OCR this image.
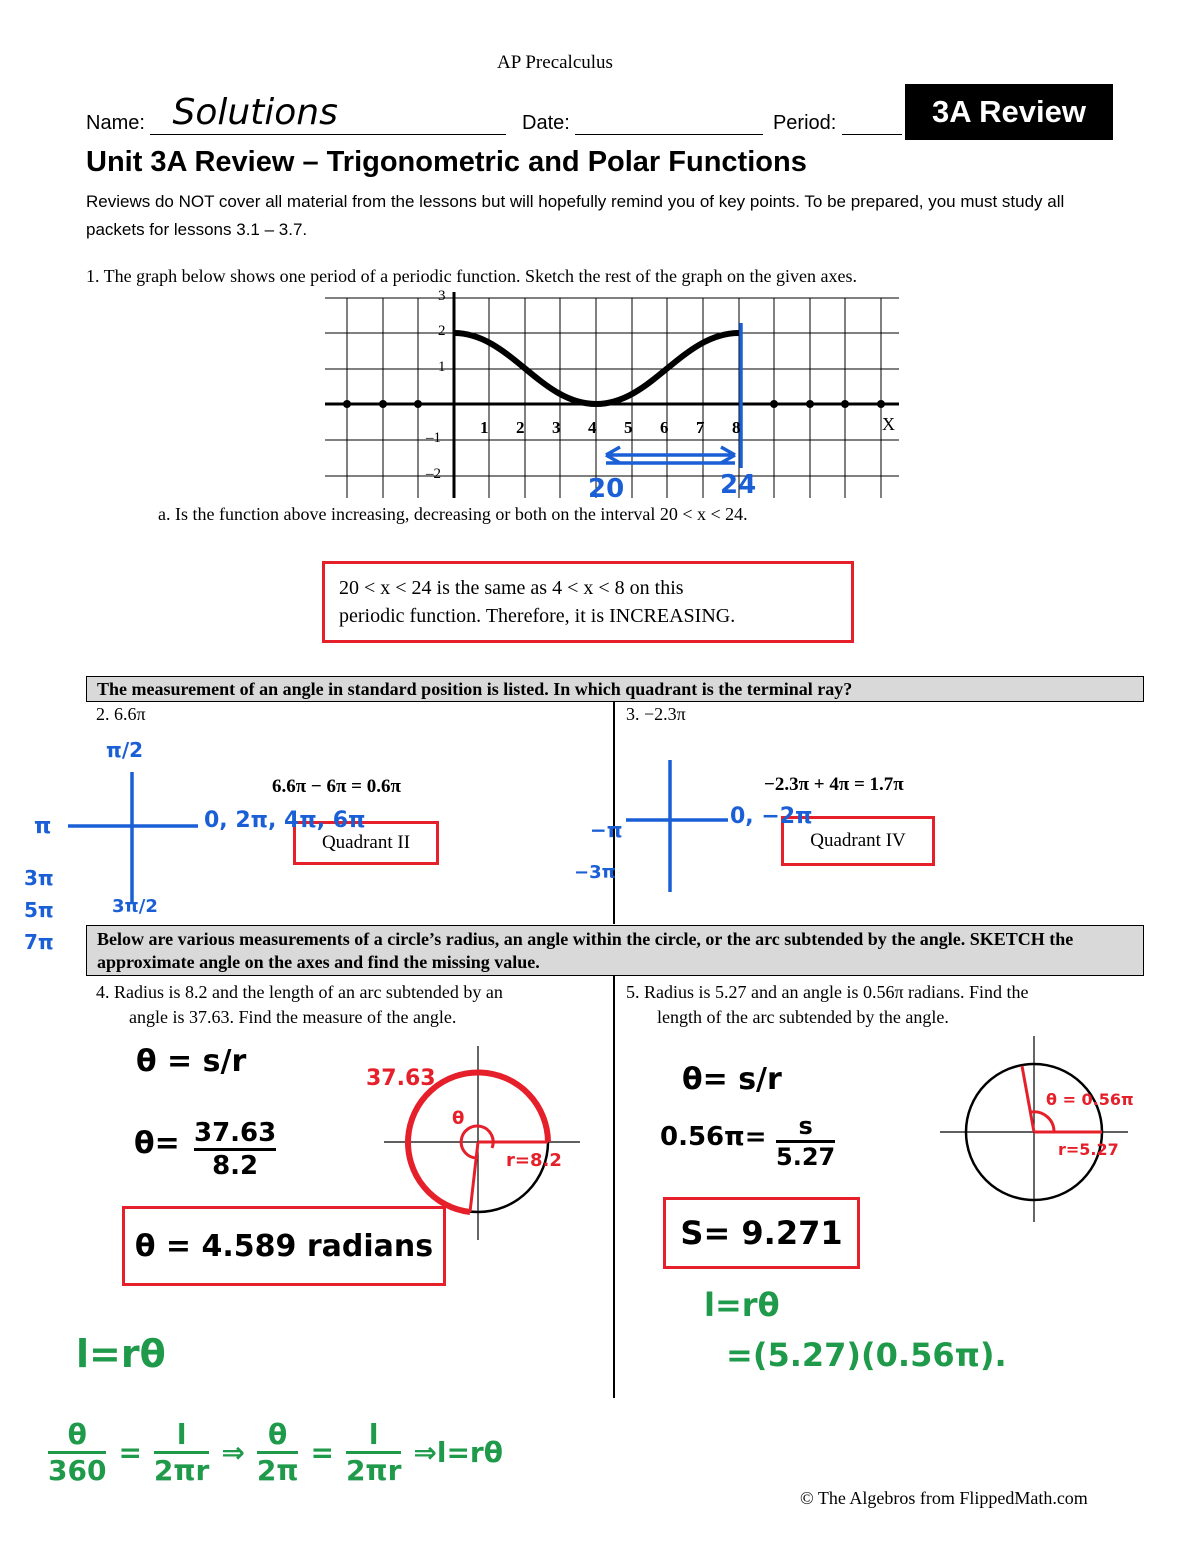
AP Precalculus
Name: Solutions	Date:	Period:	3A Review
Unit 3A Review – Trigonometric and Polar Functions
Reviews do NOT cover all material from the lessons but will hopefully remind you of key points. To be prepared, you must study all packets for lessons 3.1 – 3.7.
1. The graph below shows one period of a periodic function. Sketch the rest of the graph on the given axes.
1 2 3 4 5 6 7 8
3
2
1
–1
–2
X
20	24
a. Is the function above increasing, decreasing or both on the interval 20 < x < 24.
20 < x < 24 is the same as 4 < x < 8 on this
periodic function. Therefore, it is INCREASING.
The measurement of an angle in standard position is listed. In which quadrant is the terminal ray?
2. 6.6π
6.6π − 6π = 0.6π
Quadrant II
π/2
π	0, 2π, 4π, 6π
3π/2
3π
5π
7π
3. −2.3π
−2.3π + 4π = 1.7π
Quadrant IV
−π
−3π
0, −2π
Below are various measurements of a circle’s radius, an angle within the circle, or the arc subtended by the angle. SKETCH the approximate angle on the axes and find the missing value.
4. Radius is 8.2 and the length of an arc subtended by an
angle is 37.63. Find the measure of the angle.
θ = s/r
$\theta= \frac{37.63}{8.2}$
θ = 4.589 radians
37.63
r=8.2
θ
l=rθ
5. Radius is 5.27 and an angle is 0.56π radians. Find the
length of the arc subtended by the angle.
θ= s/r
$0.56\pi= \frac{s}{5.27}$
S= 9.271
θ = 0.56π
r=5.27
l=rθ
=(5.27)(0.56π).
$\frac{\theta}{360} = \frac{l}{2\pi r}$ ⇒ $\frac{\theta}{2\pi} = \frac{l}{2\pi r}$ ⇒l=rθ
© The Algebros from FlippedMath.com
